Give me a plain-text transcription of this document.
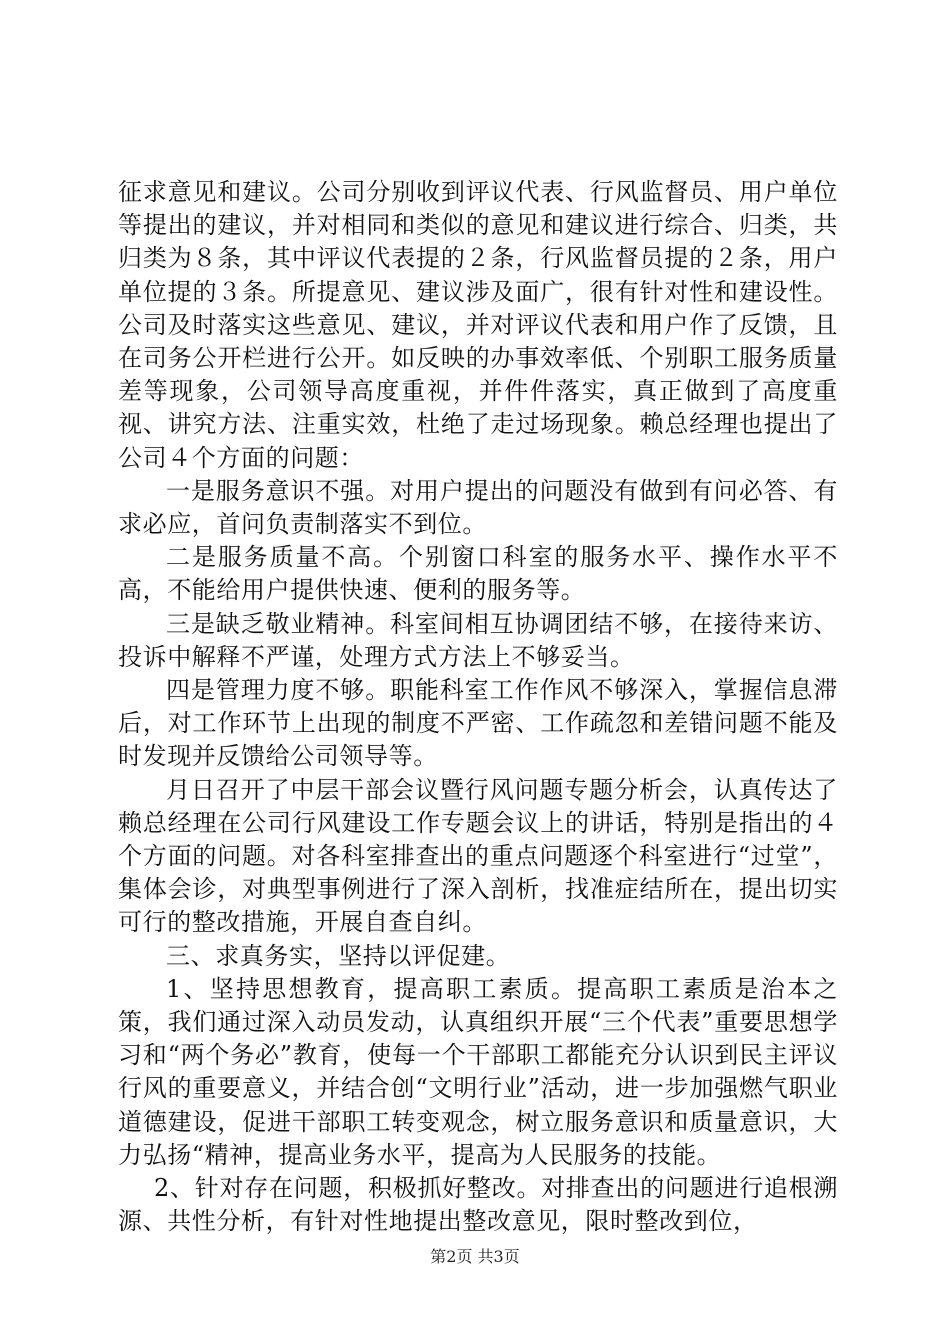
征求意见和建议。公司分别收到评议代表、行风监督员、用户单位等提出的建议，并对相同和类似的意见和建议进行综合、归类，共归类为８条，其中评议代表提的２条，行风监督员提的２条，用户单位提的３条。所提意见、建议涉及面广，很有针对性和建设性。公司及时落实这些意见、建议，并对评议代表和用户作了反馈，且在司务公开栏进行公开。如反映的办事效率低、个别职工服务质量差等现象，公司领导高度重视，并件件落实，真正做到了高度重视、讲究方法、注重实效，杜绝了走过场现象。赖总经理也提出了公司４个方面的问题：

一是服务意识不强。对用户提出的问题没有做到有问必答、有求必应，首问负责制落实不到位。

二是服务质量不高。个别窗口科室的服务水平、操作水平不高，不能给用户提供快速、便利的服务等。

三是缺乏敬业精神。科室间相互协调团结不够，在接待来访、投诉中解释不严谨，处理方式方法上不够妥当。

四是管理力度不够。职能科室工作作风不够深入，掌握信息滞后，对工作环节上出现的制度不严密、工作疏忽和差错问题不能及时发现并反馈给公司领导等。

月日召开了中层干部会议暨行风问题专题分析会，认真传达了赖总经理在公司行风建设工作专题会议上的讲话，特别是指出的４个方面的问题。对各科室排查出的重点问题逐个科室进行“过堂”，集体会诊，对典型事例进行了深入剖析，找准症结所在，提出切实可行的整改措施，开展自查自纠。

三、求真务实，坚持以评促建。

1、坚持思想教育，提高职工素质。提高职工素质是治本之策，我们通过深入动员发动，认真组织开展“三个代表”重要思想学习和“两个务必”教育，使每一个干部职工都能充分认识到民主评议行风的重要意义，并结合创“文明行业”活动，进一步加强燃气职业道德建设，促进干部职工转变观念，树立服务意识和质量意识，大力弘扬“精神，提高业务水平，提高为人民服务的技能。

2、针对存在问题，积极抓好整改。对排查出的问题进行追根溯源、共性分析，有针对性地提出整改意见，限时整改到位，

第2页 共3页
